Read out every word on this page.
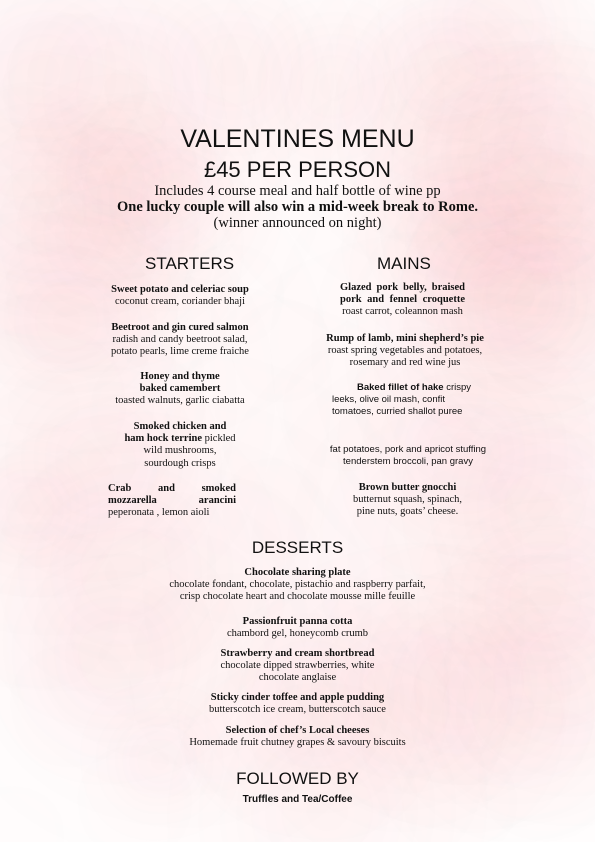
VALENTINES MENU
£45 PER PERSON
Includes 4 course meal and half bottle of wine pp
One lucky couple will also win a mid-week break to Rome.
(winner announced on night)
STARTERS
Sweet potato and celeriac soup
coconut cream, coriander bhaji
Beetroot and gin cured salmon
radish and candy beetroot salad,
potato pearls, lime creme fraiche
Honey and thyme
baked camembert
toasted walnuts, garlic ciabatta
Smoked chicken and
ham hock terrine pickled
wild mushrooms,
sourdough crisps
Crab and smoked
mozzarella arancini
peperonata , lemon aioli
MAINS
Glazed pork belly, braised
pork and fennel croquette
roast carrot, coleannon mash
Rump of lamb, mini shepherd’s pie
roast spring vegetables and potatoes,
rosemary and red wine jus
Baked fillet of hake crispy
leeks, olive oil mash, confit
tomatoes, curried shallot puree
fat potatoes, pork and apricot stuffing
tenderstem broccoli, pan gravy
Brown butter gnocchi
butternut squash, spinach,
pine nuts, goats’ cheese.
DESSERTS
Chocolate sharing plate
chocolate fondant, chocolate, pistachio and raspberry parfait,
crisp chocolate heart and chocolate mousse mille feuille
Passionfruit panna cotta
chambord gel, honeycomb crumb
Strawberry and cream shortbread
chocolate dipped strawberries, white
chocolate anglaise
Sticky cinder toffee and apple pudding
butterscotch ice cream, butterscotch sauce
Selection of chef’s Local cheeses
Homemade fruit chutney grapes & savoury biscuits
FOLLOWED BY
Truffles and Tea/Coffee
